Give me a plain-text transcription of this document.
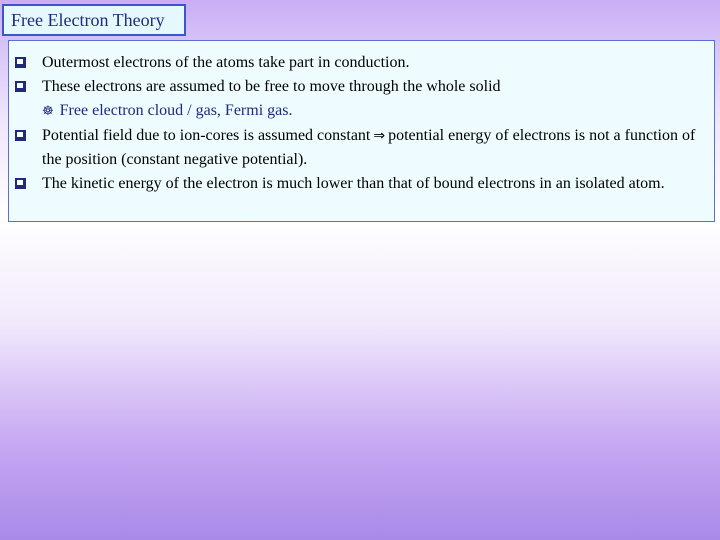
Free Electron Theory
Outermost electrons of the atoms take part in conduction.
These electrons are assumed to be free to move through the whole solid
☸ Free electron cloud / gas, Fermi gas.
Potential field due to ion-cores is assumed constant ⇒ potential energy of electrons is not a function of the position (constant negative potential).
The kinetic energy of the electron is much lower than that of bound electrons in an isolated atom.
